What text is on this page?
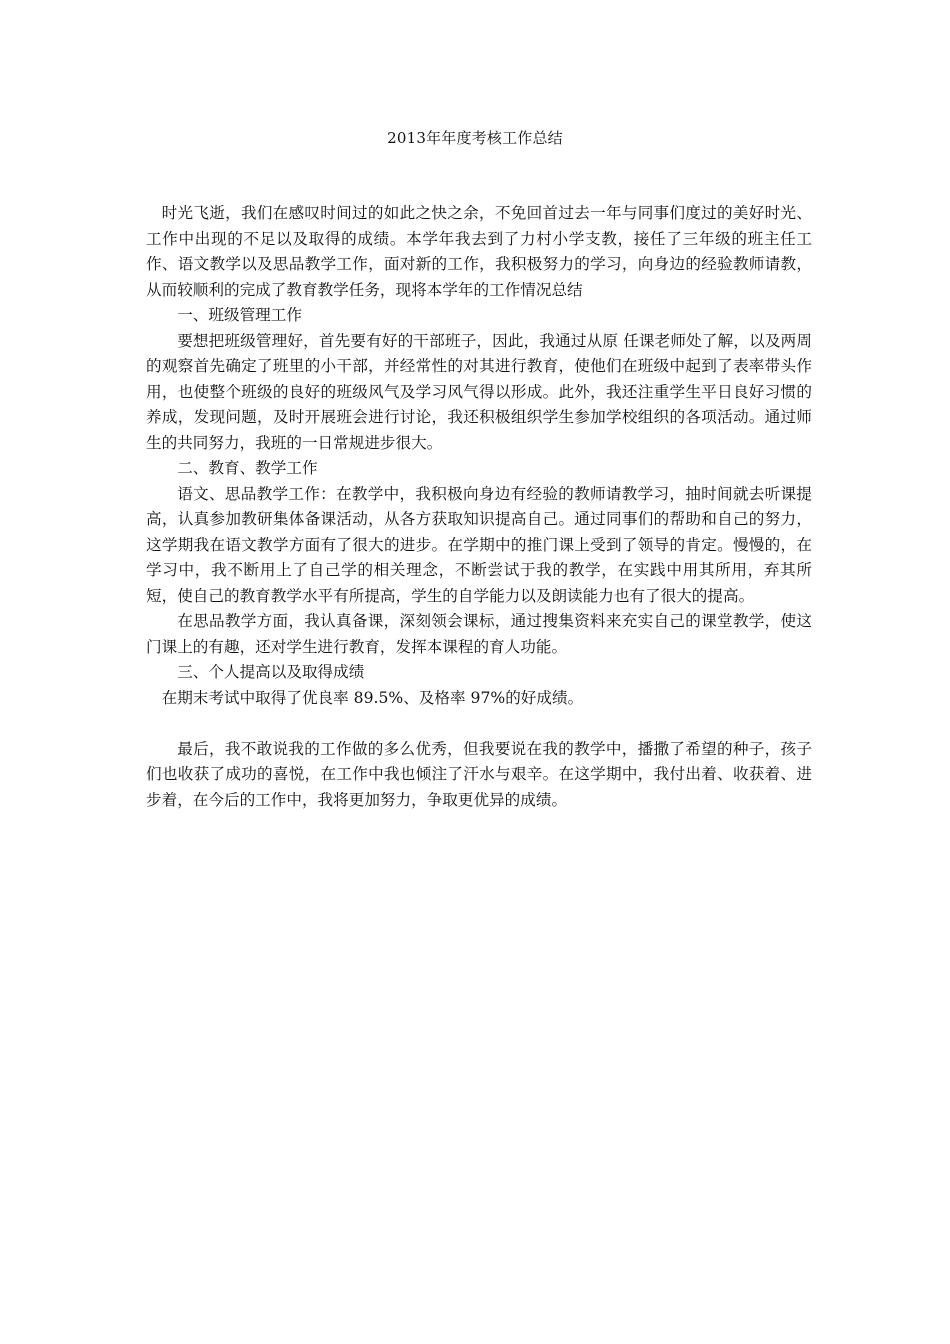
2013年年度考核工作总结

时光飞逝，我们在感叹时间过的如此之快之余，不免回首过去一年与同事们度过的美好时光、工作中出现的不足以及取得的成绩。本学年我去到了力村小学支教，接任了三年级的班主任工作、语文教学以及思品教学工作，面对新的工作，我积极努力的学习，向身边的经验教师请教，从而较顺利的完成了教育教学任务，现将本学年的工作情况总结

一、班级管理工作

要想把班级管理好，首先要有好的干部班子，因此，我通过从原 任课老师处了解，以及两周的观察首先确定了班里的小干部，并经常性的对其进行教育，使他们在班级中起到了表率带头作用，也使整个班级的良好的班级风气及学习风气得以形成。此外，我还注重学生平日良好习惯的养成，发现问题，及时开展班会进行讨论，我还积极组织学生参加学校组织的各项活动。通过师生的共同努力，我班的一日常规进步很大。

二、教育、教学工作

语文、思品教学工作：在教学中，我积极向身边有经验的教师请教学习，抽时间就去听课提高，认真参加教研集体备课活动，从各方获取知识提高自己。通过同事们的帮助和自己的努力，这学期我在语文教学方面有了很大的进步。在学期中的推门课上受到了领导的肯定。慢慢的，在学习中，我不断用上了自己学的相关理念，不断尝试于我的教学，在实践中用其所用，弃其所短，使自己的教育教学水平有所提高，学生的自学能力以及朗读能力也有了很大的提高。

在思品教学方面，我认真备课，深刻领会课标，通过搜集资料来充实自己的课堂教学，使这门课上的有趣，还对学生进行教育，发挥本课程的育人功能。

三、个人提高以及取得成绩

在期末考试中取得了优良率 89.5%、及格率 97%的好成绩。

最后，我不敢说我的工作做的多么优秀，但我要说在我的教学中，播撒了希望的种子，孩子们也收获了成功的喜悦，在工作中我也倾注了汗水与艰辛。在这学期中，我付出着、收获着、进步着，在今后的工作中，我将更加努力，争取更优异的成绩。
